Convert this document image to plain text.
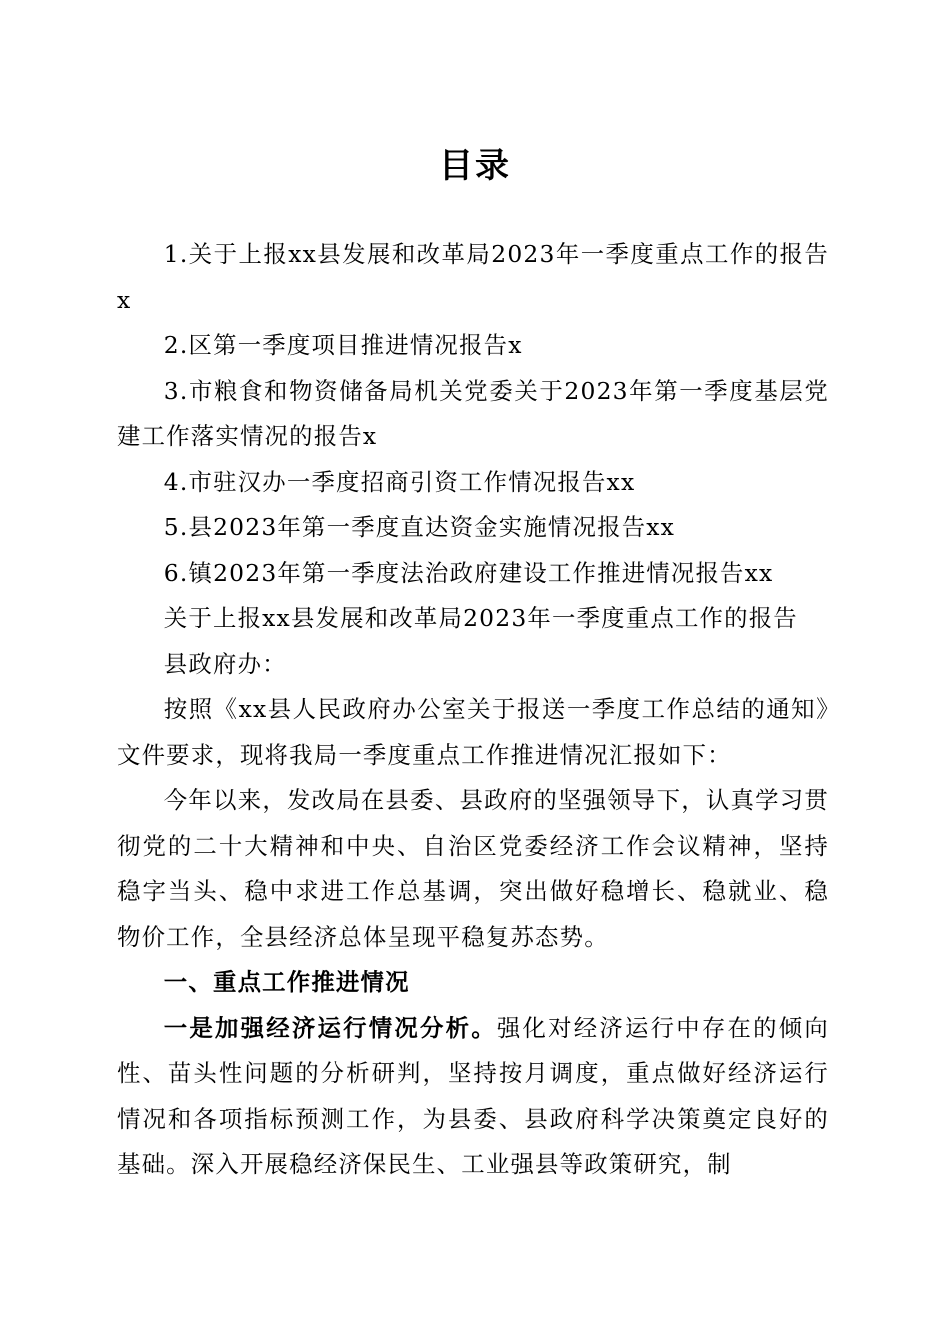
目录

1.关于上报xx县发展和改革局2023年一季度重点工作的报告x

2.区第一季度项目推进情况报告x

3.市粮食和物资储备局机关党委关于2023年第一季度基层党建工作落实情况的报告x

4.市驻汉办一季度招商引资工作情况报告xx

5.县2023年第一季度直达资金实施情况报告xx

6.镇2023年第一季度法治政府建设工作推进情况报告xx

关于上报xx县发展和改革局2023年一季度重点工作的报告

县政府办：

按照《xx县人民政府办公室关于报送一季度工作总结的通知》文件要求，现将我局一季度重点工作推进情况汇报如下：

今年以来，发改局在县委、县政府的坚强领导下，认真学习贯彻党的二十大精神和中央、自治区党委经济工作会议精神，坚持稳字当头、稳中求进工作总基调，突出做好稳增长、稳就业、稳物价工作，全县经济总体呈现平稳复苏态势。

一、重点工作推进情况

一是加强经济运行情况分析。强化对经济运行中存在的倾向性、苗头性问题的分析研判，坚持按月调度，重点做好经济运行情况和各项指标预测工作，为县委、县政府科学决策奠定良好的基础。深入开展稳经济保民生、工业强县等政策研究，制
